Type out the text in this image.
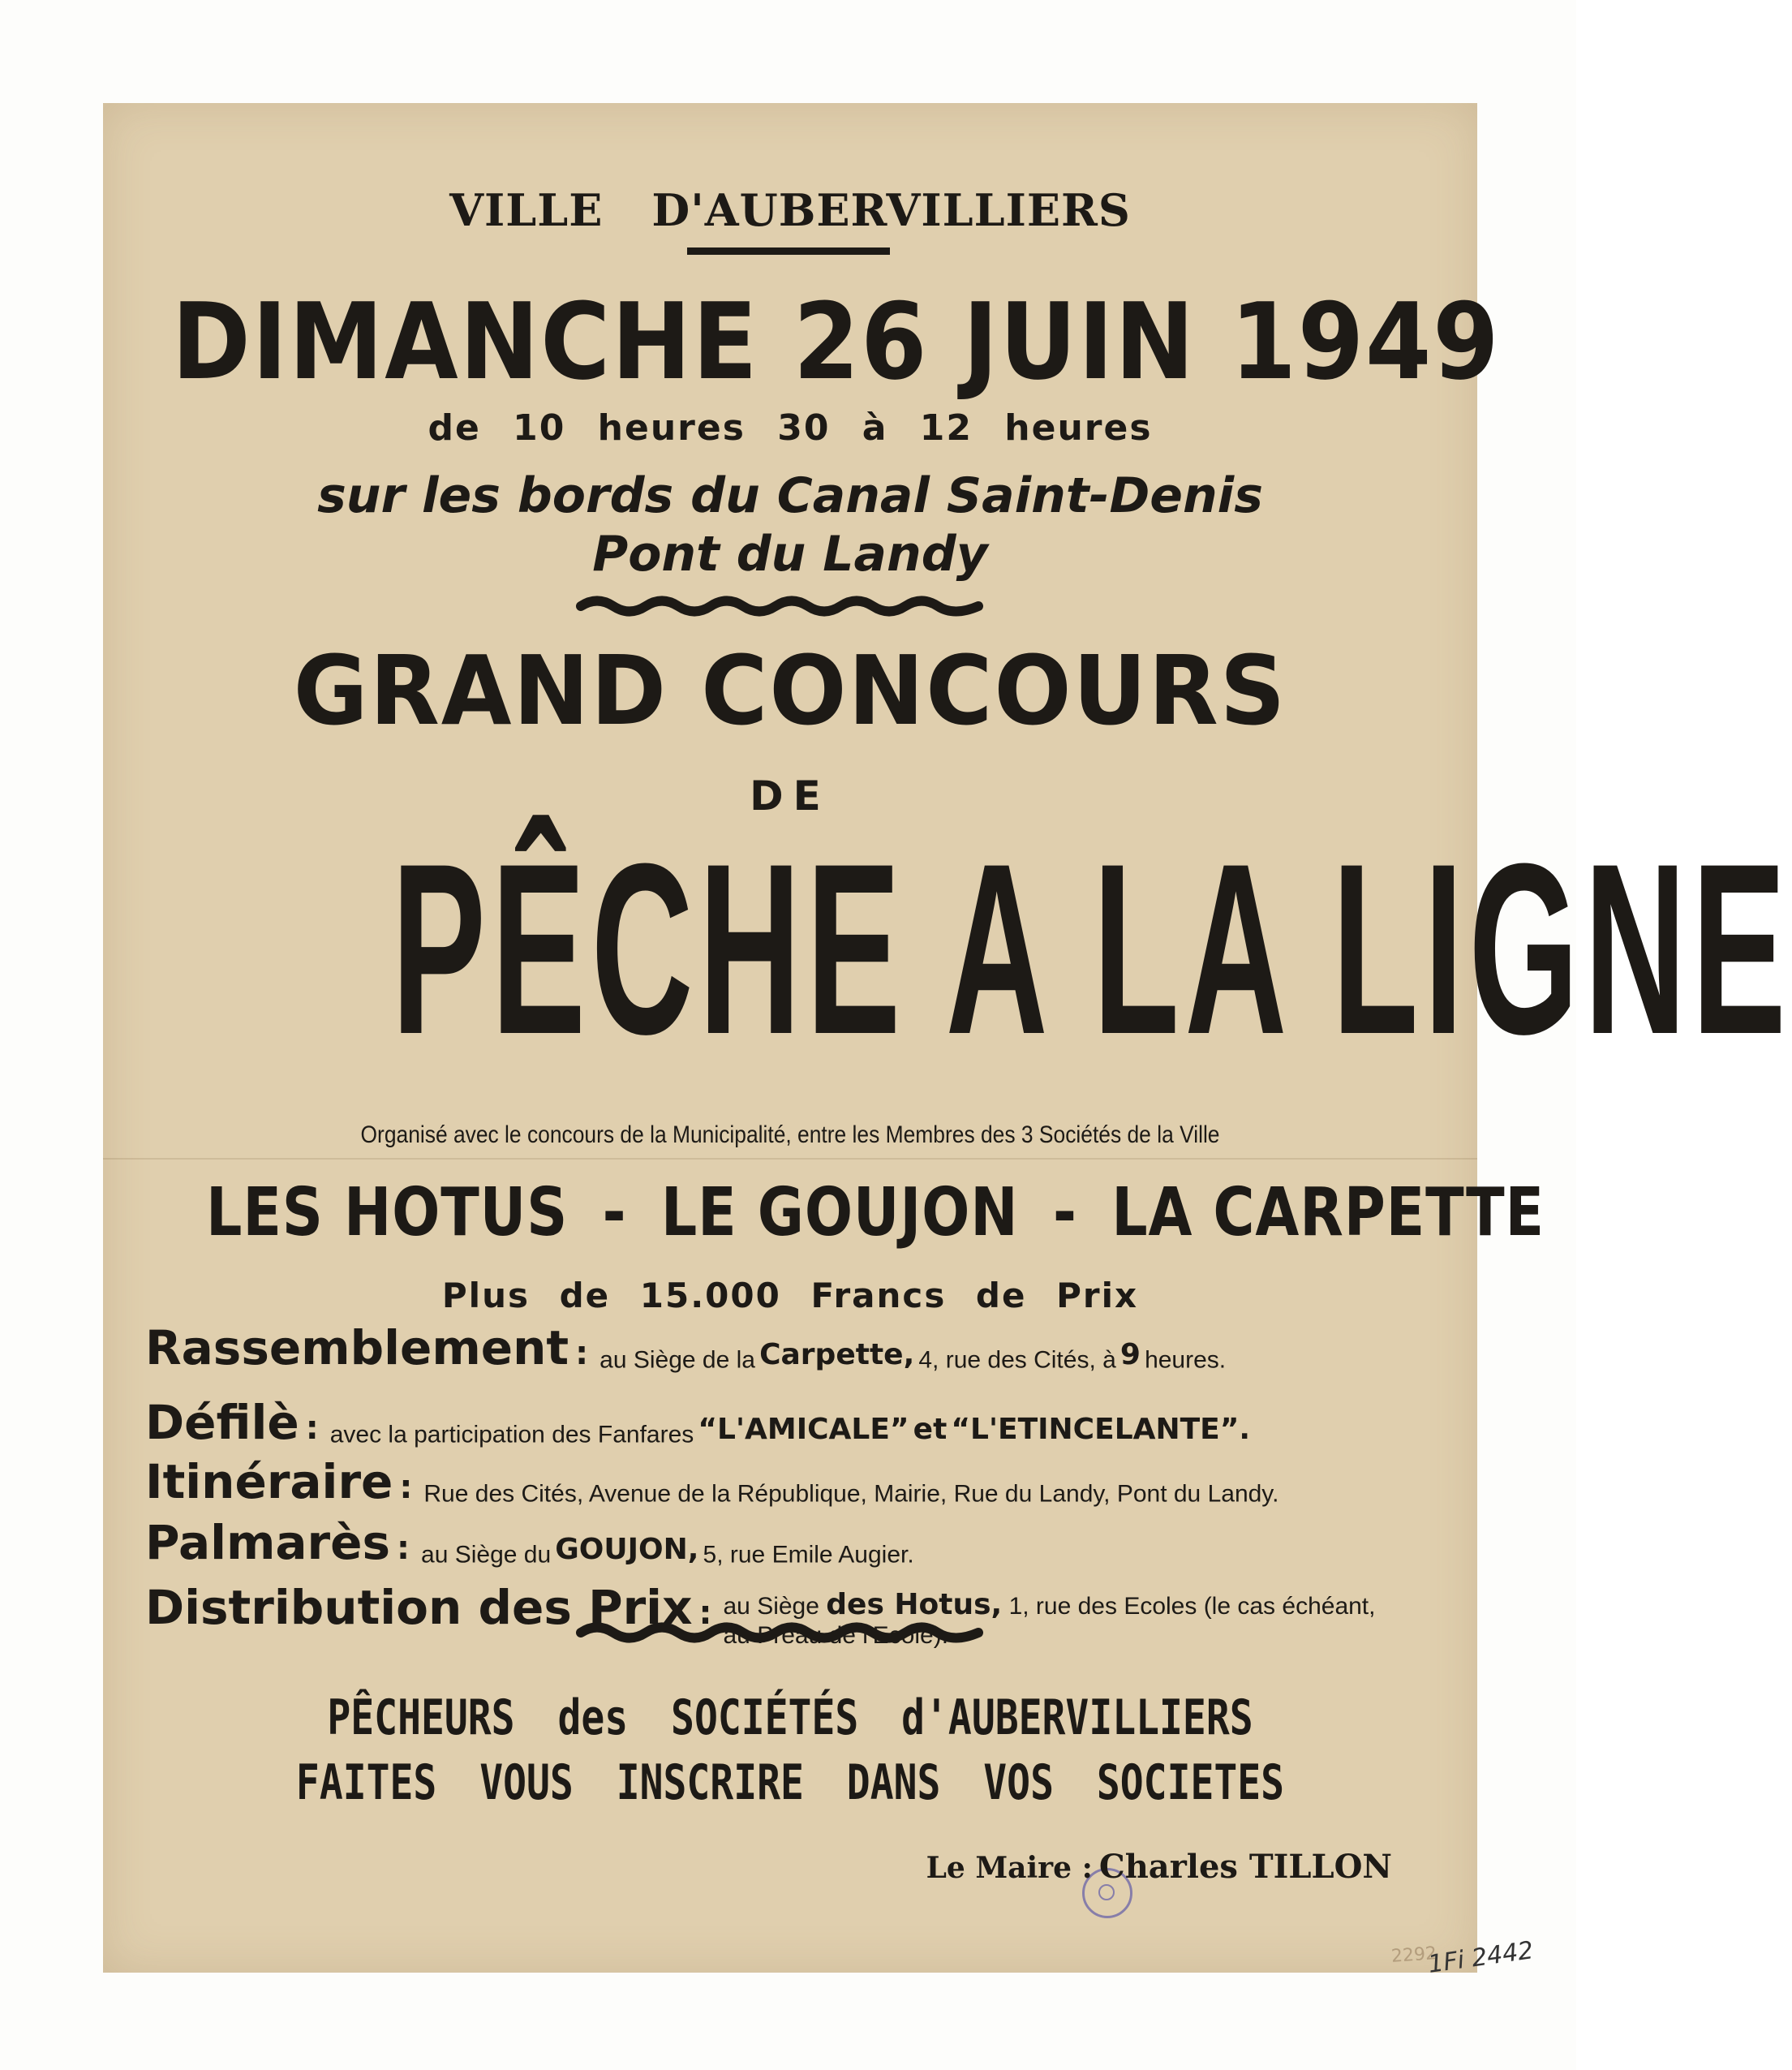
VILLE D'AUBERVILLIERS
DIMANCHE 26 JUIN 1949
de 10 heures 30 à 12 heures
sur les bords du Canal Saint-Denis
Pont du Landy
GRAND CONCOURS
DE
PÊCHE A LA LIGNE
Organisé avec le concours de la Municipalité, entre les Membres des 3 Sociétés de la Ville
LES HOTUS - LE GOUJON - LA CARPETTE
Plus de 15.000 Francs de Prix
Rassemblement : au Siège de la Carpette, 4, rue des Cités, à 9 heures.
Défilè : avec la participation des Fanfares “L'AMICALE” et “L'ETINCELANTE”.
Itinéraire : Rue des Cités, Avenue de la République, Mairie, Rue du Landy, Pont du Landy.
Palmarès : au Siège du GOUJON, 5, rue Emile Augier.
Distribution des Prix : au Siège des Hotus, 1, rue des Ecoles (le cas échéant, au Préau de l'Ecole).
PÊCHEURS des SOCIÉTÉS d'AUBERVILLIERS
FAITES VOUS INSCRIRE DANS VOS SOCIETES
Le Maire : Charles TILLON
2292
1Fi 2442
